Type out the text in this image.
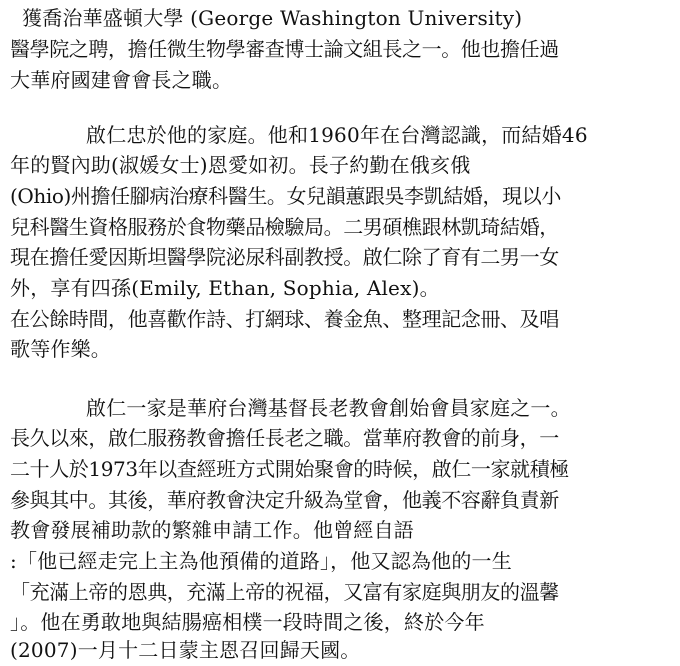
獲喬治華盛頓大學 (George Washington University)
醫學院之聘，擔任微生物學審查博士論文組長之一。他也擔任過
大華府國建會會長之職。
啟仁忠於他的家庭。他和1960年在台灣認識，而結婚46
年的賢內助(淑媛女士)恩愛如初。長子約勤在俄亥俄
(Ohio)州擔任腳病治療科醫生。女兒韻蕙跟吳李凱結婚，現以小
兒科醫生資格服務於食物藥品檢驗局。二男碩樵跟林凱琦結婚，
現在擔任愛因斯坦醫學院泌尿科副教授。啟仁除了育有二男一女
外，享有四孫(Emily, Ethan, Sophia, Alex)。
在公餘時間，他喜歡作詩、打網球、養金魚、整理記念冊、及唱
歌等作樂。
啟仁一家是華府台灣基督長老教會創始會員家庭之一。
長久以來，啟仁服務教會擔任長老之職。當華府教會的前身，一
二十人於1973年以查經班方式開始聚會的時候，啟仁一家就積極
參與其中。其後，華府教會決定升級為堂會，他義不容辭負責新
教會發展補助款的繁雜申請工作。他曾經自語
:「他已經走完上主為他預備的道路」，他又認為他的一生
「充滿上帝的恩典，充滿上帝的祝福，又富有家庭與朋友的溫馨
」。他在勇敢地與結腸癌相樸一段時間之後，終於今年
(2007)一月十二日蒙主恩召回歸天國。
